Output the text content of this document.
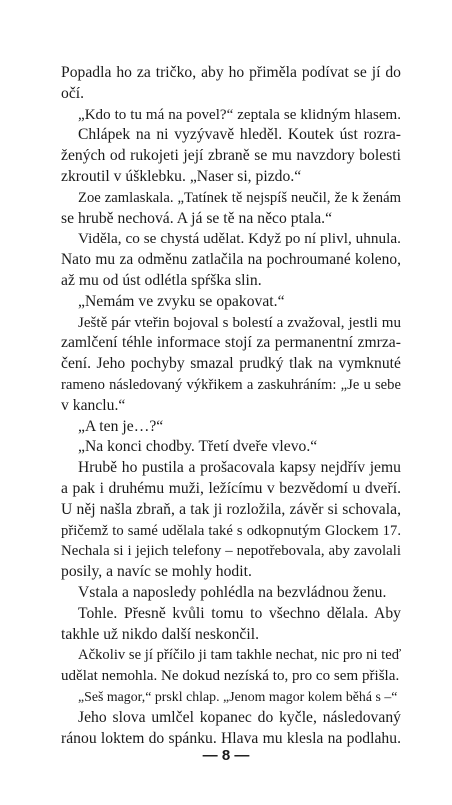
Popadla ho za tričko, aby ho přiměla podívat se jí do
očí.
„Kdo to tu má na povel?“ zeptala se klidným hlasem.
Chlápek na ni vyzývavě hleděl. Koutek úst rozra-
žených od rukojeti její zbraně se mu navzdory bolesti
zkroutil v úšklebku. „Naser si, pizdo.“
Zoe zamlaskala. „Tatínek tě nejspíš neučil, že k ženám
se hrubě nechová. A já se tě na něco ptala.“
Viděla, co se chystá udělat. Když po ní plivl, uhnula.
Nato mu za odměnu zatlačila na pochroumané koleno,
až mu od úst odlétla spŕška slin.
„Nemám ve zvyku se opakovat.“
Ještě pár vteřin bojoval s bolestí a zvažoval, jestli mu
zamlčení téhle informace stojí za permanentní zmrza-
čení. Jeho pochyby smazal prudký tlak na vymknuté
rameno následovaný výkřikem a zaskuhráním: „Je u sebe
v kanclu.“
„A ten je…?“
„Na konci chodby. Třetí dveře vlevo.“
Hrubě ho pustila a prošacovala kapsy nejdřív jemu
a pak i druhému muži, ležícímu v bezvědomí u dveří.
U něj našla zbraň, a tak ji rozložila, závěr si schovala,
přičemž to samé udělala také s odkopnutým Glockem 17.
Nechala si i jejich telefony – nepotřebovala, aby zavolali
posily, a navíc se mohly hodit.
Vstala a naposledy pohlédla na bezvládnou ženu.
Tohle. Přesně kvůli tomu to všechno dělala. Aby
takhle už nikdo další neskončil.
Ačkoliv se jí příčilo ji tam takhle nechat, nic pro ni teď
udělat nemohla. Ne dokud nezíská to, pro co sem přišla.
„Seš magor,“ prskl chlap. „Jenom magor kolem běhá s –“
Jeho slova umlčel kopanec do kyčle, následovaný
ránou loktem do spánku. Hlava mu klesla na podlahu.
— 8 —
